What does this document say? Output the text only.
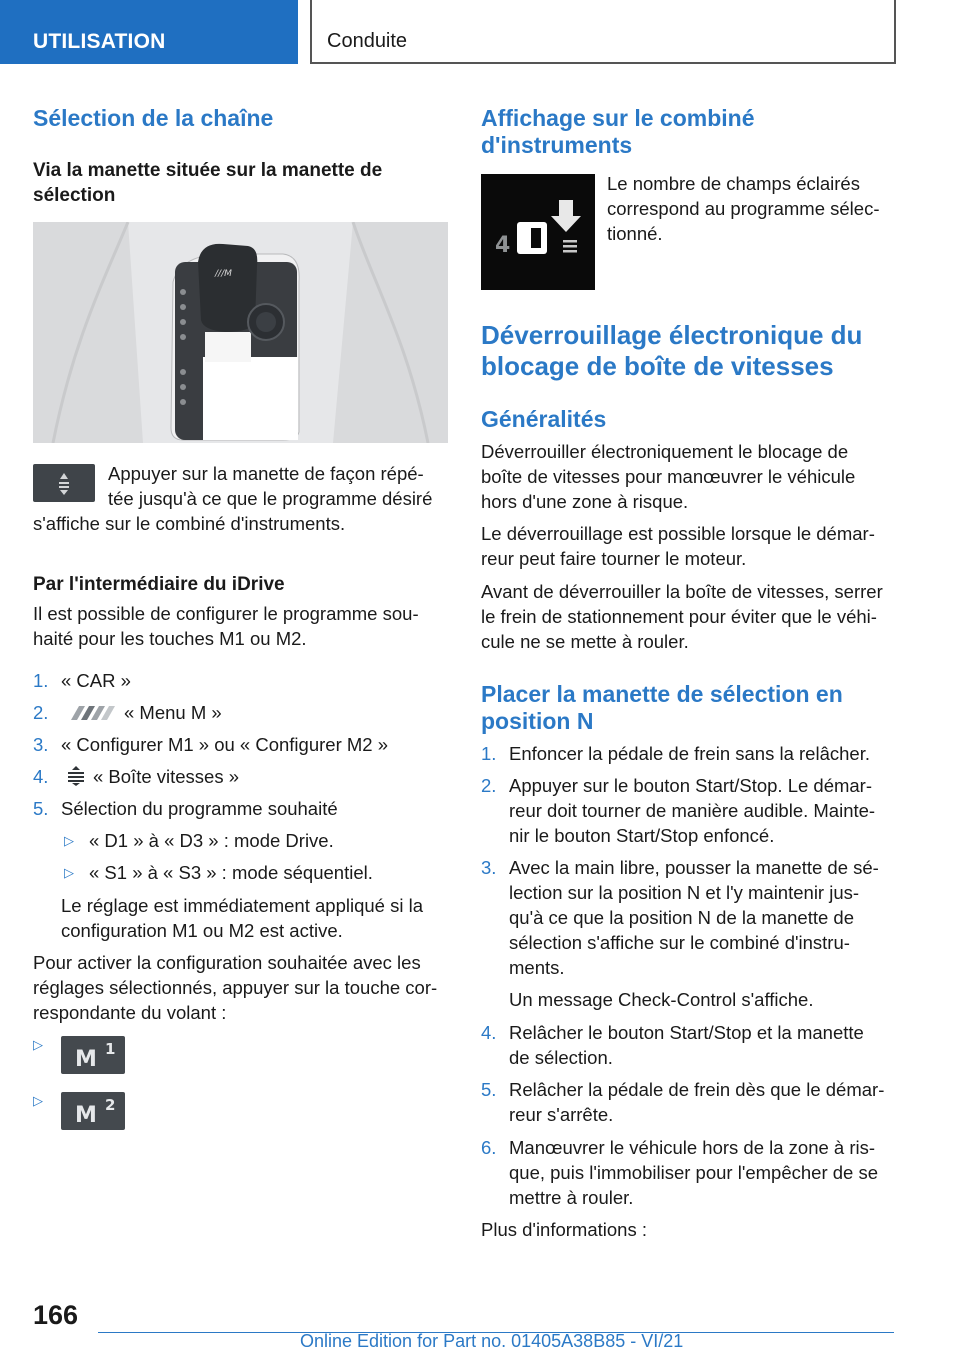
UTILISATION	Conduite
Sélection de la chaîne
Via la manette située sur la manette de
sélection
///M
Appuyer sur la manette de façon répé-
tée jusqu'à ce que le programme désiré
s'affiche sur le combiné d'instruments.
Par l'intermédiaire du iDrive
Il est possible de configurer le programme sou-
haité pour les touches M1 ou M2.
1. « CAR »
2.	« Menu M »
3. « Configurer M1 » ou « Configurer M2 »
4. « Boîte vitesses »
5. Sélection du programme souhaité
▷ « D1 » à « D3 » : mode Drive.
▷ « S1 » à « S3 » : mode séquentiel.
Le réglage est immédiatement appliqué si la
configuration M1 ou M2 est active.
Pour activer la configuration souhaitée avec les
réglages sélectionnés, appuyer sur la touche cor-
respondante du volant :
▷
M 1
▷
M 2
Affichage sur le combiné
d'instruments
4
Le nombre de champs éclairés
correspond au programme sélec-
tionné.
Déverrouillage électronique du
blocage de boîte de vitesses
Généralités
Déverrouiller électroniquement le blocage de
boîte de vitesses pour manœuvrer le véhicule
hors d'une zone à risque.
Le déverrouillage est possible lorsque le démar-
reur peut faire tourner le moteur.
Avant de déverrouiller la boîte de vitesses, serrer
le frein de stationnement pour éviter que le véhi-
cule ne se mette à rouler.
Placer la manette de sélection en
position N
1. Enfoncer la pédale de frein sans la relâcher.
2. Appuyer sur le bouton Start/Stop. Le démar-
reur doit tourner de manière audible. Mainte-
nir le bouton Start/Stop enfoncé.
3. Avec la main libre, pousser la manette de sé-
lection sur la position N et l'y maintenir jus-
qu'à ce que la position N de la manette de
sélection s'affiche sur le combiné d'instru-
ments.
Un message Check-Control s'affiche.
4. Relâcher le bouton Start/Stop et la manette
de sélection.
5. Relâcher la pédale de frein dès que le démar-
reur s'arrête.
6. Manœuvrer le véhicule hors de la zone à ris-
que, puis l'immobiliser pour l'empêcher de se
mettre à rouler.
Plus d'informations :
166
Online Edition for Part no. 01405A38B85 - VI/21
